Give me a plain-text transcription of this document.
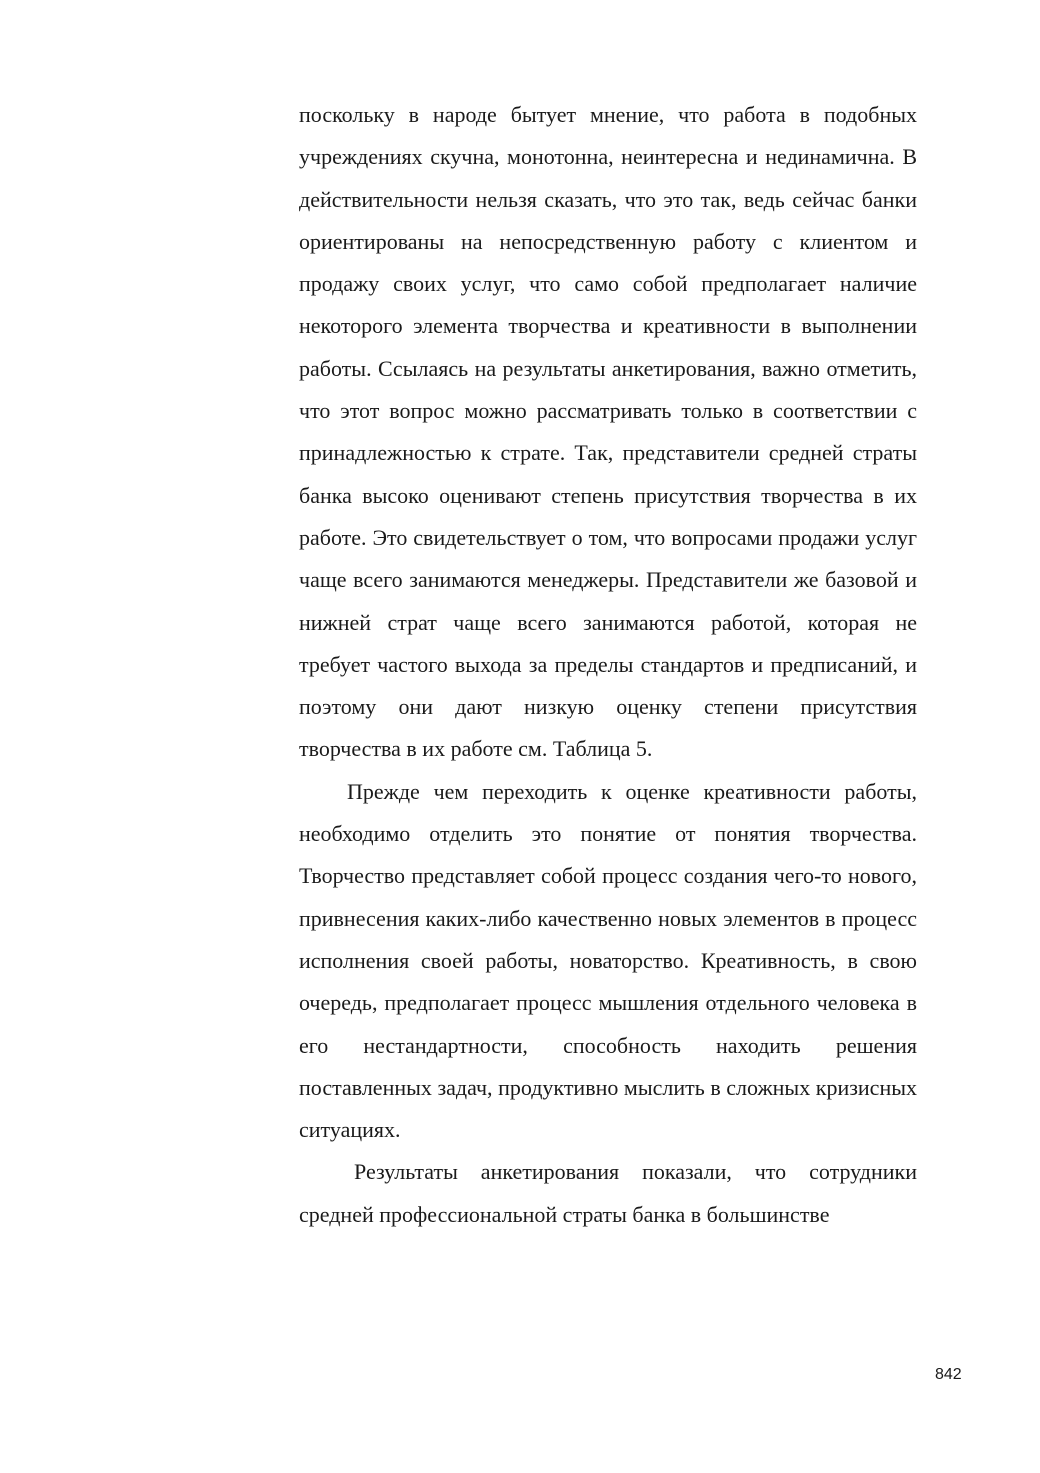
поскольку в народе бытует мнение, что работа в подобных учреждениях скучна, монотонна, неинтересна и нединамична. В действительности нельзя сказать, что это так, ведь сейчас банки ориентированы на непосредственную работу с клиентом и продажу своих услуг, что само собой предполагает наличие некоторого элемента творчества и креативности в выполнении работы. Ссылаясь на результаты анкетирования, важно отметить, что этот вопрос можно рассматривать только в соответствии с принадлежностью к страте. Так, представители средней страты банка высоко оценивают степень присутствия творчества в их работе. Это свидетельствует о том, что вопросами продажи услуг чаще всего занимаются менеджеры. Представители же базовой и нижней страт чаще всего занимаются работой, которая не требует частого выхода за пределы стандартов и предписаний, и поэтому они дают низкую оценку степени присутствия творчества в их работе см. Таблица 5.

Прежде чем переходить к оценке креативности работы, необходимо отделить это понятие от понятия творчества. Творчество представляет собой процесс создания чего-то нового, привнесения каких-либо качественно новых элементов в процесс исполнения своей работы, новаторство. Креативность, в свою очередь, предполагает процесс мышления отдельного человека в его нестандартности, способность находить решения поставленных задач, продуктивно мыслить в сложных кризисных ситуациях.

Результаты анкетирования показали, что сотрудники средней профессиональной страты банка в большинстве

842
